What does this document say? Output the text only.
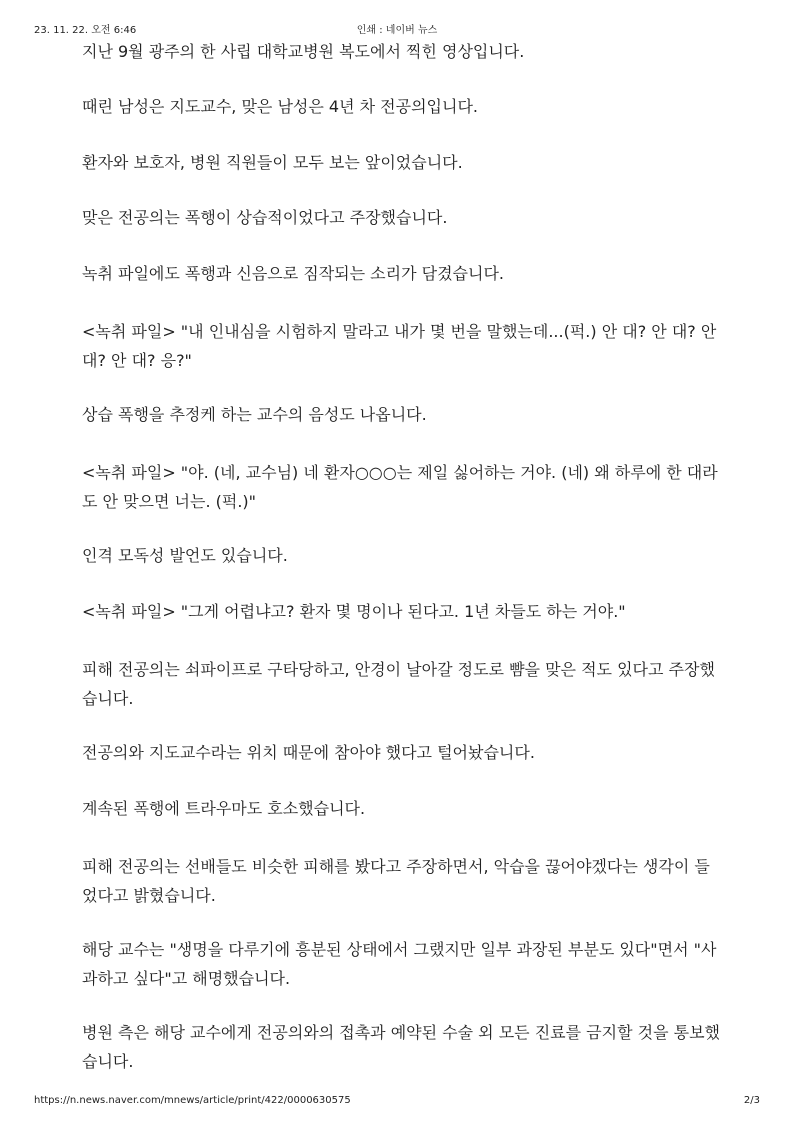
23. 11. 22. 오전 6:46	인쇄 : 네이버 뉴스

지난 9월 광주의 한 사립 대학교병원 복도에서 찍힌 영상입니다.

때린 남성은 지도교수, 맞은 남성은 4년 차 전공의입니다.

환자와 보호자, 병원 직원들이 모두 보는 앞이었습니다.

맞은 전공의는 폭행이 상습적이었다고 주장했습니다.

녹취 파일에도 폭행과 신음으로 짐작되는 소리가 담겼습니다.

<녹취 파일> "내 인내심을 시험하지 말라고 내가 몇 번을 말했는데...(퍽.) 안 대? 안 대? 안 대? 안 대? 응?"

상습 폭행을 추정케 하는 교수의 음성도 나옵니다.

<녹취 파일> "야. (네, 교수님) 네 환자○○○는 제일 싫어하는 거야. (네) 왜 하루에 한 대라도 안 맞으면 너는. (퍽.)"

인격 모독성 발언도 있습니다.

<녹취 파일> "그게 어렵냐고? 환자 몇 명이나 된다고. 1년 차들도 하는 거야."

피해 전공의는 쇠파이프로 구타당하고, 안경이 날아갈 정도로 뺨을 맞은 적도 있다고 주장했습니다.

전공의와 지도교수라는 위치 때문에 참아야 했다고 털어놨습니다.

계속된 폭행에 트라우마도 호소했습니다.

피해 전공의는 선배들도 비슷한 피해를 봤다고 주장하면서, 악습을 끊어야겠다는 생각이 들었다고 밝혔습니다.

해당 교수는 "생명을 다루기에 흥분된 상태에서 그랬지만 일부 과장된 부분도 있다"면서 "사과하고 싶다"고 해명했습니다.

병원 측은 해당 교수에게 전공의와의 접촉과 예약된 수술 외 모든 진료를 금지할 것을 통보했습니다.

https://n.news.naver.com/mnews/article/print/422/0000630575	2/3
